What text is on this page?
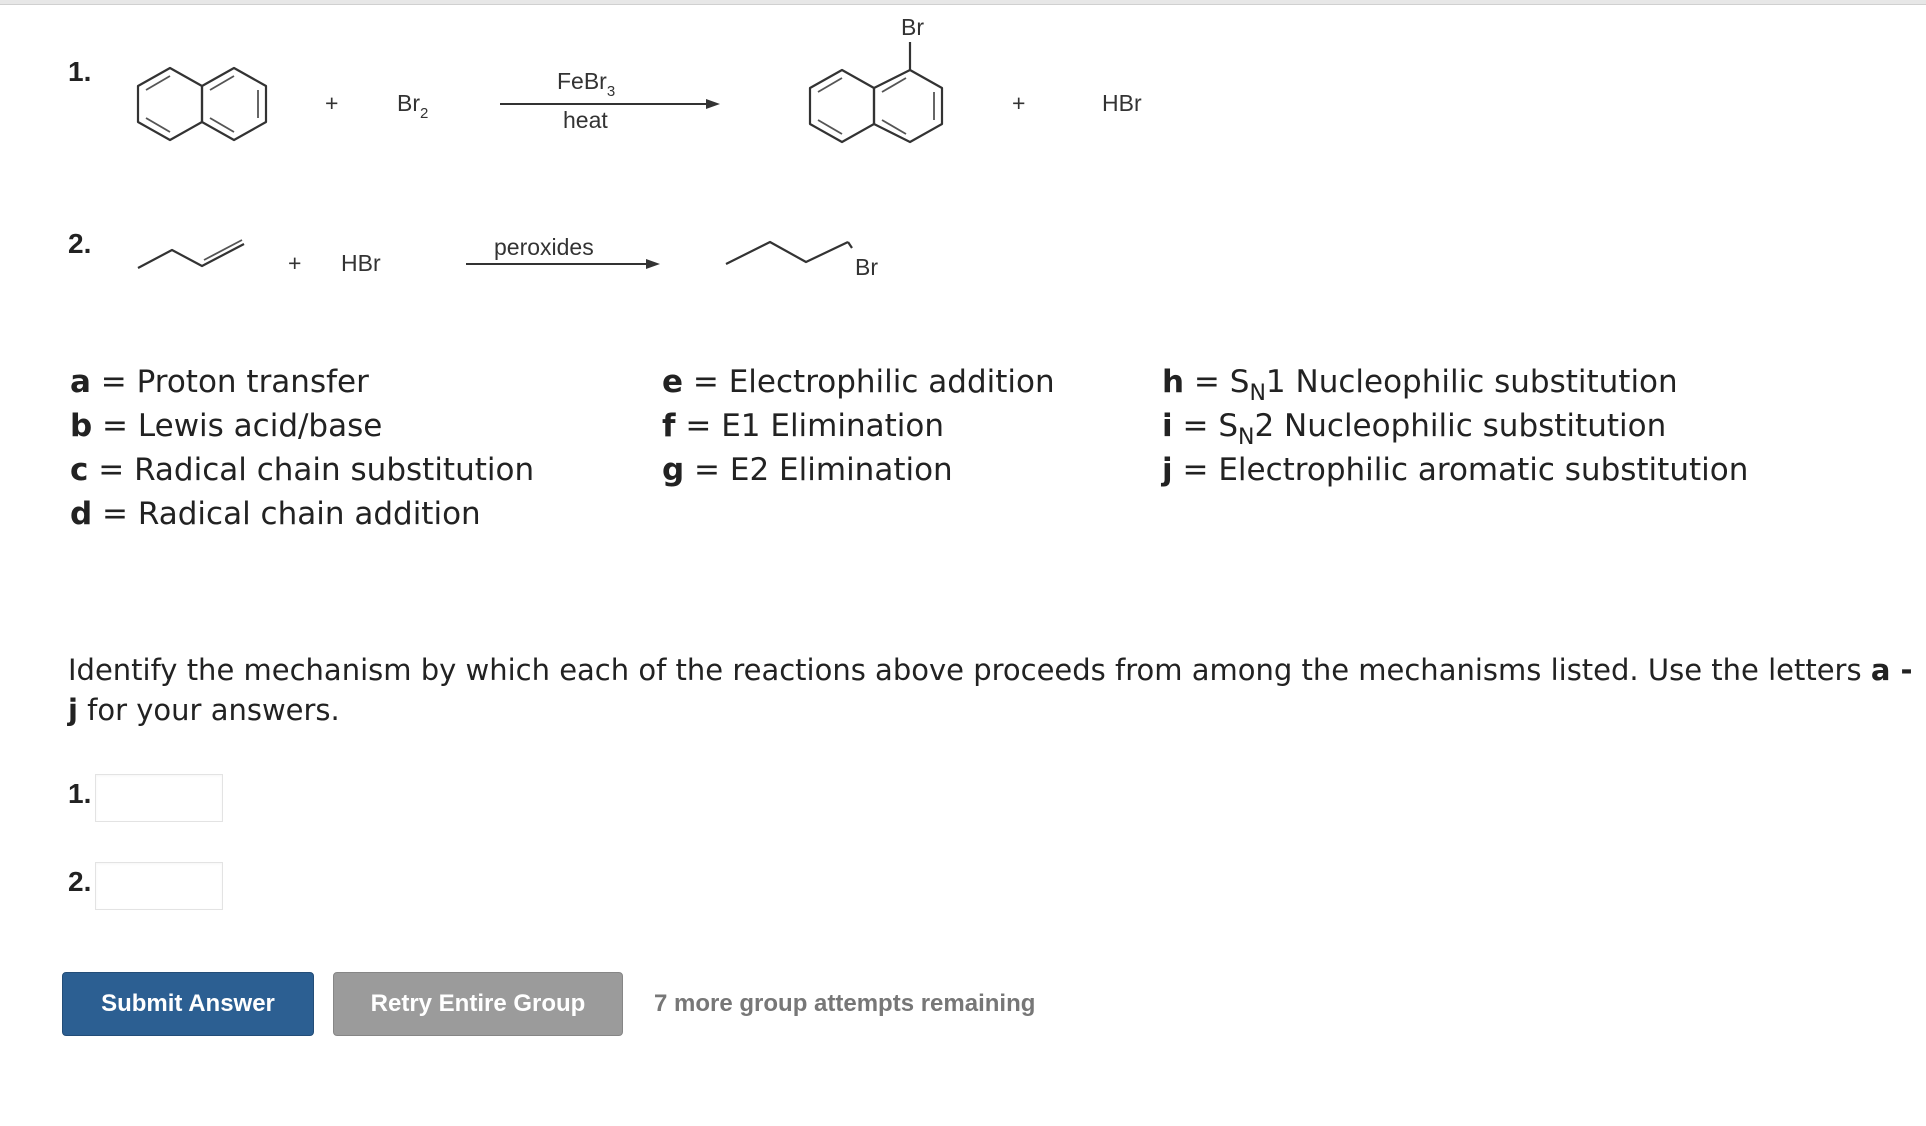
1.
+	$Br_2$
FeBr$_3$
heat
Br
+	HBr
2.
+ HBr
peroxides
Br
a = Proton transfer
b = Lewis acid/base
c = Radical chain substitution
d = Radical chain addition
e = Electrophilic addition
f = E1 Elimination
g = E2 Elimination
$h = S_N1$ Nucleophilic substitution
$i = S_N2$ Nucleophilic substitution
j = Electrophilic aromatic substitution
Identify the mechanism by which each of the reactions above proceeds from among the mechanisms listed. Use the letters a - j for your answers.
1.
2.
Submit Answer	Retry Entire Group	7 more group attempts remaining
